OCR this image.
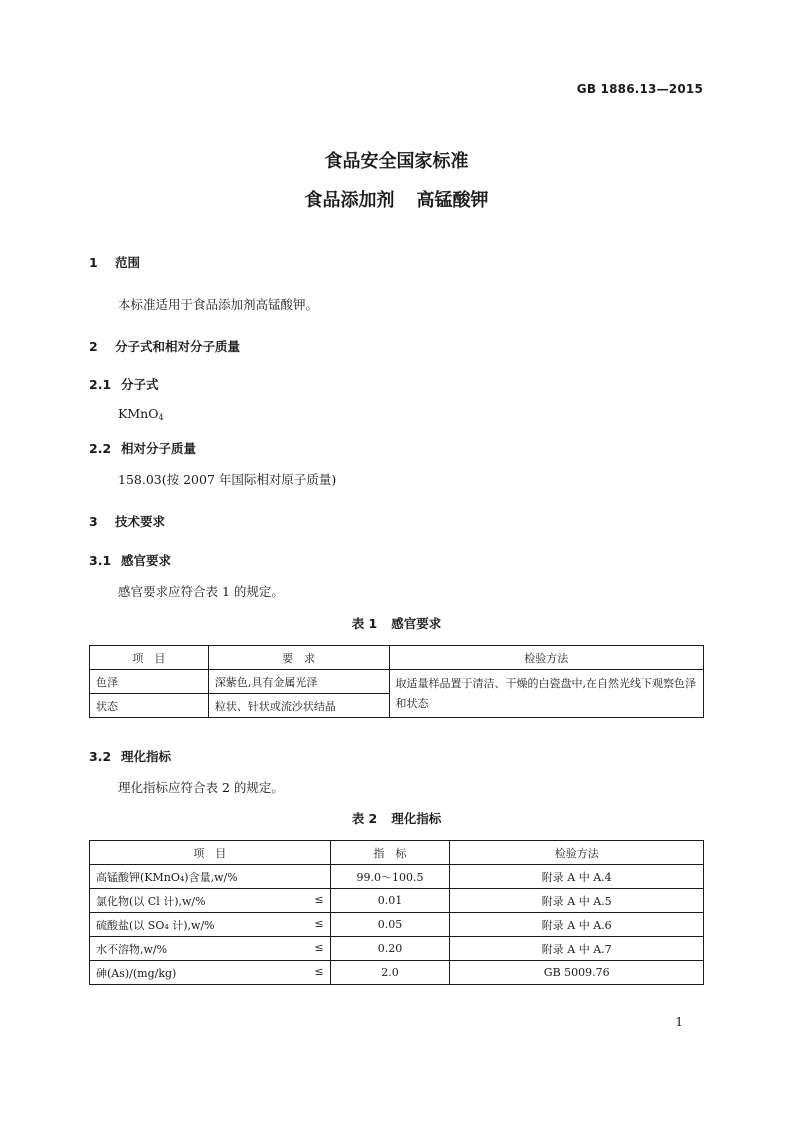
GB 1886.13—2015
食品安全国家标准
食品添加剂 高锰酸钾
1 范围
本标准适用于食品添加剂高锰酸钾。
2 分子式和相对分子质量
2.1 分子式
KMnO4
2.2 相对分子质量
158.03(按 2007 年国际相对原子质量)
3 技术要求
3.1 感官要求
感官要求应符合表 1 的规定。
表 1 感官要求
项　目	要　求	检验方法
色泽	深紫色,具有金属光泽	取适量样品置于清洁、干燥的白瓷盘中,在自然光线下观察色泽和状态
状态	粒状、针状或流沙状结晶	
3.2 理化指标
理化指标应符合表 2 的规定。
表 2 理化指标
项　目	指　标	检验方法
高锰酸钾(KMnO₄)含量,w/%	99.0～100.5	附录 A 中 A.4
氯化物(以 Cl 计),w/% ≤	0.01	附录 A 中 A.5
硫酸盐(以 SO₄ 计),w/% ≤	0.05	附录 A 中 A.6
水不溶物,w/% ≤	0.20	附录 A 中 A.7
砷(As)/(mg/kg) ≤	2.0	GB 5009.76
1
